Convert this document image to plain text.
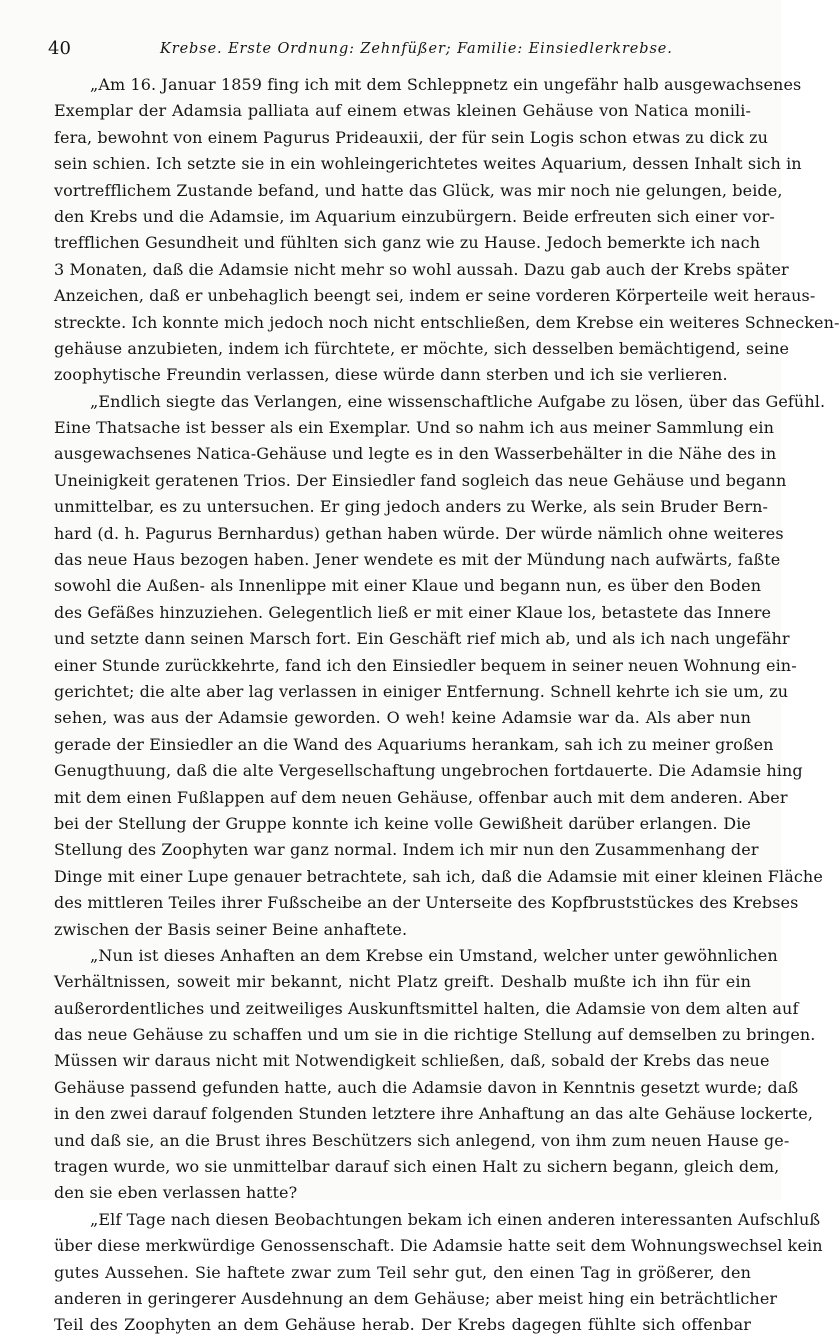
40	Krebse. Erste Ordnung: Zehnfüßer; Familie: Einsiedlerkrebse.
„Am 16. Januar 1859 fing ich mit dem Schleppnetz ein ungefähr halb ausgewachsenes
Exemplar der Adamsia palliata auf einem etwas kleinen Gehäuse von Natica monili-
fera, bewohnt von einem Pagurus Prideauxii, der für sein Logis schon etwas zu dick zu
sein schien. Ich setzte sie in ein wohleingerichtetes weites Aquarium, dessen Inhalt sich in
vortrefflichem Zustande befand, und hatte das Glück, was mir noch nie gelungen, beide,
den Krebs und die Adamsie, im Aquarium einzubürgern. Beide erfreuten sich einer vor-
trefflichen Gesundheit und fühlten sich ganz wie zu Hause. Jedoch bemerkte ich nach
3 Monaten, daß die Adamsie nicht mehr so wohl aussah. Dazu gab auch der Krebs später
Anzeichen, daß er unbehaglich beengt sei, indem er seine vorderen Körperteile weit heraus-
streckte. Ich konnte mich jedoch noch nicht entschließen, dem Krebse ein weiteres Schnecken-
gehäuse anzubieten, indem ich fürchtete, er möchte, sich desselben bemächtigend, seine
zoophytische Freundin verlassen, diese würde dann sterben und ich sie verlieren.
„Endlich siegte das Verlangen, eine wissenschaftliche Aufgabe zu lösen, über das Gefühl.
Eine Thatsache ist besser als ein Exemplar. Und so nahm ich aus meiner Sammlung ein
ausgewachsenes Natica-Gehäuse und legte es in den Wasserbehälter in die Nähe des in
Uneinigkeit geratenen Trios. Der Einsiedler fand sogleich das neue Gehäuse und begann
unmittelbar, es zu untersuchen. Er ging jedoch anders zu Werke, als sein Bruder Bern-
hard (d. h. Pagurus Bernhardus) gethan haben würde. Der würde nämlich ohne weiteres
das neue Haus bezogen haben. Jener wendete es mit der Mündung nach aufwärts, faßte
sowohl die Außen- als Innenlippe mit einer Klaue und begann nun, es über den Boden
des Gefäßes hinzuziehen. Gelegentlich ließ er mit einer Klaue los, betastete das Innere
und setzte dann seinen Marsch fort. Ein Geschäft rief mich ab, und als ich nach ungefähr
einer Stunde zurückkehrte, fand ich den Einsiedler bequem in seiner neuen Wohnung ein-
gerichtet; die alte aber lag verlassen in einiger Entfernung. Schnell kehrte ich sie um, zu
sehen, was aus der Adamsie geworden. O weh! keine Adamsie war da. Als aber nun
gerade der Einsiedler an die Wand des Aquariums herankam, sah ich zu meiner großen
Genugthuung, daß die alte Vergesellschaftung ungebrochen fortdauerte. Die Adamsie hing
mit dem einen Fußlappen auf dem neuen Gehäuse, offenbar auch mit dem anderen. Aber
bei der Stellung der Gruppe konnte ich keine volle Gewißheit darüber erlangen. Die
Stellung des Zoophyten war ganz normal. Indem ich mir nun den Zusammenhang der
Dinge mit einer Lupe genauer betrachtete, sah ich, daß die Adamsie mit einer kleinen Fläche
des mittleren Teiles ihrer Fußscheibe an der Unterseite des Kopfbruststückes des Krebses
zwischen der Basis seiner Beine anhaftete.
„Nun ist dieses Anhaften an dem Krebse ein Umstand, welcher unter gewöhnlichen
Verhältnissen, soweit mir bekannt, nicht Platz greift. Deshalb mußte ich ihn für ein
außerordentliches und zeitweiliges Auskunftsmittel halten, die Adamsie von dem alten auf
das neue Gehäuse zu schaffen und um sie in die richtige Stellung auf demselben zu bringen.
Müssen wir daraus nicht mit Notwendigkeit schließen, daß, sobald der Krebs das neue
Gehäuse passend gefunden hatte, auch die Adamsie davon in Kenntnis gesetzt wurde; daß
in den zwei darauf folgenden Stunden letztere ihre Anhaftung an das alte Gehäuse lockerte,
und daß sie, an die Brust ihres Beschützers sich anlegend, von ihm zum neuen Hause ge-
tragen wurde, wo sie unmittelbar darauf sich einen Halt zu sichern begann, gleich dem,
den sie eben verlassen hatte?
„Elf Tage nach diesen Beobachtungen bekam ich einen anderen interessanten Aufschluß
über diese merkwürdige Genossenschaft. Die Adamsie hatte seit dem Wohnungswechsel kein
gutes Aussehen. Sie haftete zwar zum Teil sehr gut, den einen Tag in größerer, den
anderen in geringerer Ausdehnung an dem Gehäuse; aber meist hing ein beträchtlicher
Teil des Zoophyten an dem Gehäuse herab. Der Krebs dagegen fühlte sich offenbar
